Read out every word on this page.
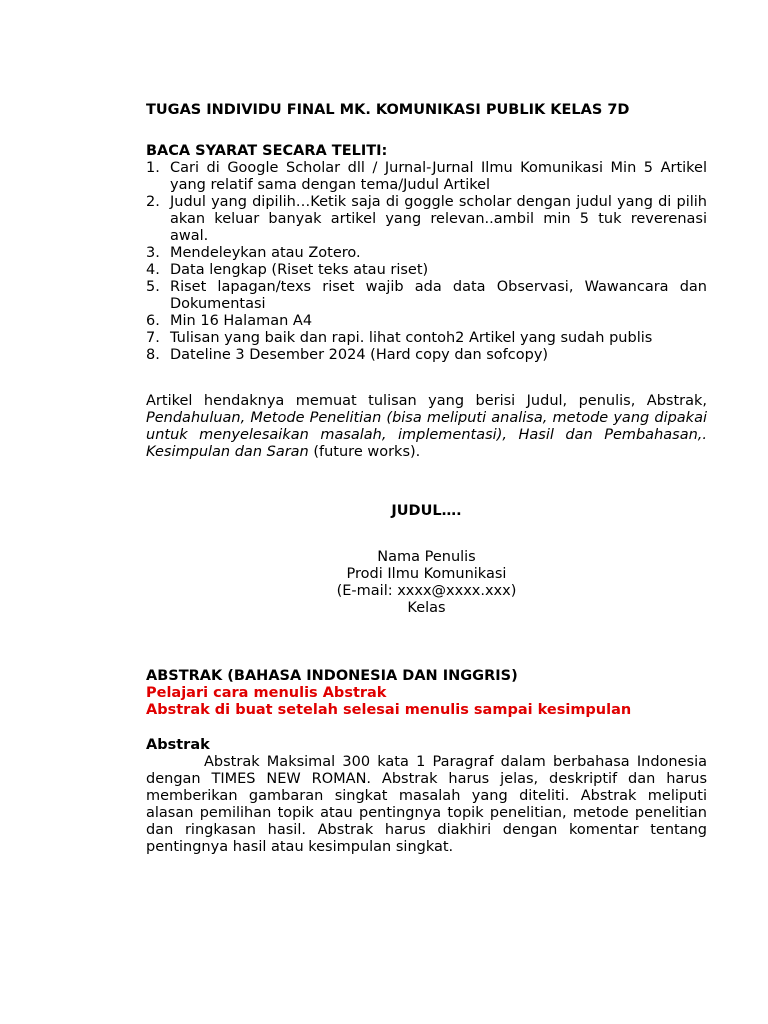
TUGAS INDIVIDU FINAL MK. KOMUNIKASI PUBLIK KELAS 7D
BACA SYARAT SECARA TELITI:
1. Cari di Google Scholar dll / Jurnal-Jurnal Ilmu Komunikasi Min 5 Artikel yang relatif sama dengan tema/Judul Artikel
2. Judul yang dipilih…Ketik saja di goggle scholar dengan judul yang di pilih akan keluar banyak artikel yang relevan..ambil min 5 tuk reverenasi awal.
3. Mendeleykan atau Zotero.
4. Data lengkap (Riset teks atau riset)
5. Riset lapagan/texs riset wajib ada data Observasi, Wawancara dan Dokumentasi
6. Min 16 Halaman A4
7. Tulisan yang baik dan rapi. lihat contoh2 Artikel yang sudah publis
8. Dateline 3 Desember 2024 (Hard copy dan sofcopy)

Artikel hendaknya memuat tulisan yang berisi Judul, penulis, Abstrak, Pendahuluan, Metode Penelitian (bisa meliputi analisa, metode yang dipakai untuk menyelesaikan masalah, implementasi), Hasil dan Pembahasan,. Kesimpulan dan Saran (future works).

JUDUL….
Nama Penulis
Prodi Ilmu Komunikasi
(E-mail: xxxx@xxxx.xxx)
Kelas
ABSTRAK (BAHASA INDONESIA DAN INGGRIS)
Pelajari cara menulis Abstrak
Abstrak di buat setelah selesai menulis sampai kesimpulan
Abstrak

Abstrak Maksimal 300 kata 1 Paragraf dalam berbahasa Indonesia dengan TIMES NEW ROMAN. Abstrak harus jelas, deskriptif dan harus memberikan gambaran singkat masalah yang diteliti. Abstrak meliputi alasan pemilihan topik atau pentingnya topik penelitian, metode penelitian dan ringkasan hasil. Abstrak harus diakhiri dengan komentar tentang pentingnya hasil atau kesimpulan singkat.
